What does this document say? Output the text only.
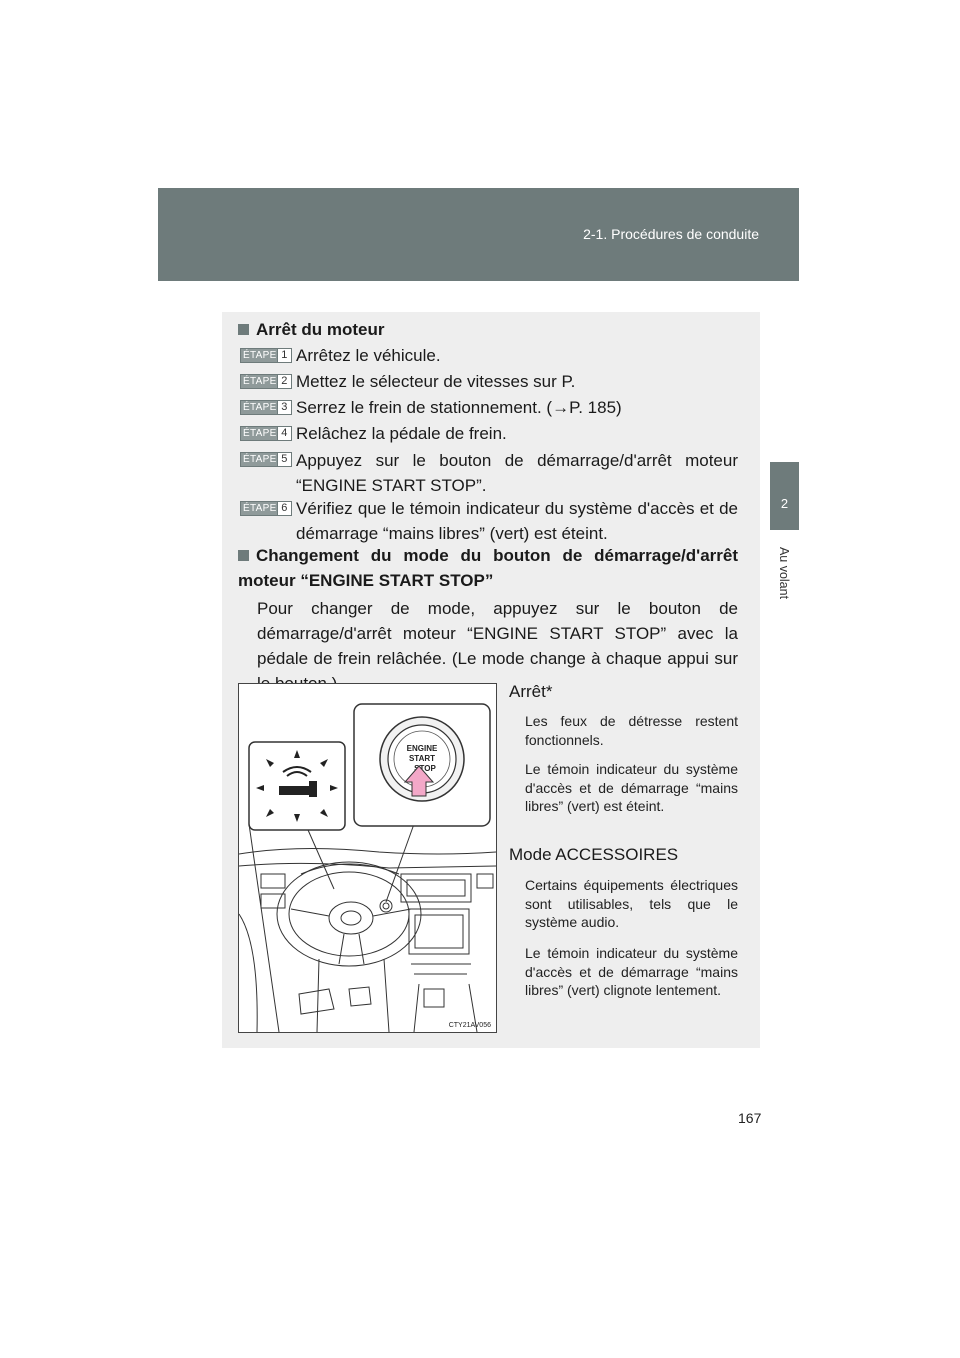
2-1. Procédures de conduite
2
Au volant
Arrêt du moteur
ÉTAPE 1 Arrêtez le véhicule.
ÉTAPE 2 Mettez le sélecteur de vitesses sur P.
ÉTAPE 3 Serrez le frein de stationnement. (→P. 185)
ÉTAPE 4 Relâchez la pédale de frein.
ÉTAPE 5 Appuyez sur le bouton de démarrage/d'arrêt moteur “ENGINE START STOP”.
ÉTAPE 6 Vérifiez que le témoin indicateur du système d'accès et de démarrage “mains libres” (vert) est éteint.
Changement du mode du bouton de démarrage/d'arrêt moteur “ENGINE START STOP”
Pour changer de mode, appuyez sur le bouton de démarrage/d'arrêt moteur “ENGINE START STOP” avec la pédale de frein relâchée. (Le mode change à chaque appui sur
Arrêt*
Les feux de détresse restent fonctionnels.
Le témoin indicateur du système d'accès et de démarrage “mains libres” (vert) est éteint.
Mode ACCESSOIRES
Certains équipements électriques sont utilisables, tels que le système audio.
Le témoin indicateur du système d'accès et de démarrage “mains libres” (vert) clignote lentement.
ENGINE
START
STOP
CTY21AV056
167
